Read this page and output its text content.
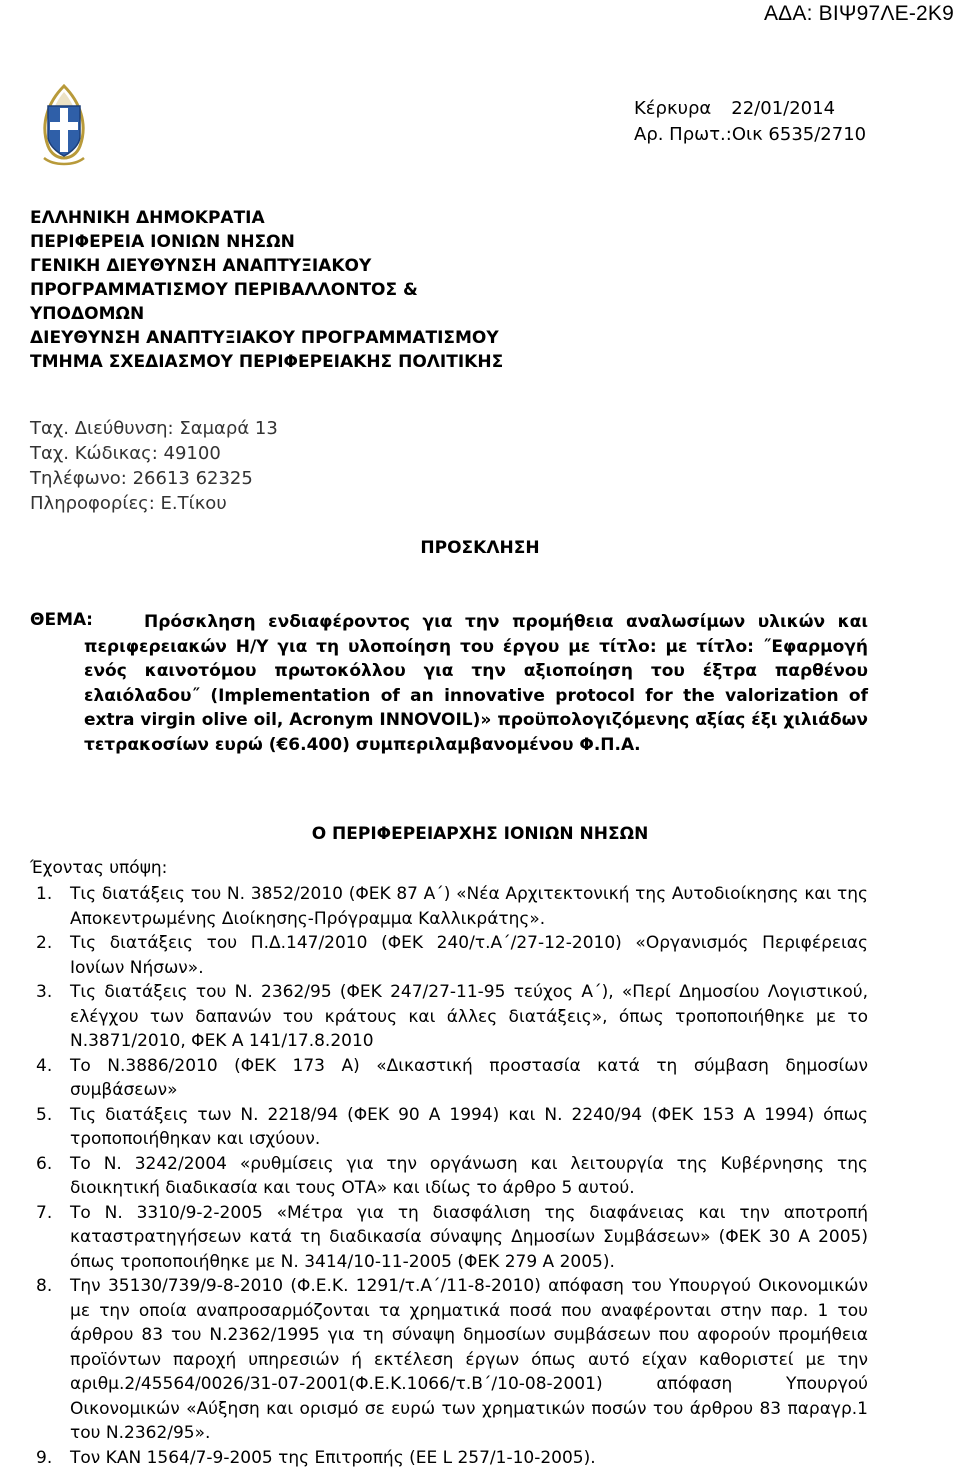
ΑΔΑ: ΒΙΨ97ΛΕ-2Κ9
Κέρκυρα 22/01/2014
Αρ. Πρωτ.:Οικ 6535/2710
ΕΛΛΗΝΙΚΗ ΔΗΜΟΚΡΑΤΙΑ
ΠΕΡΙΦΕΡΕΙΑ ΙΟΝΙΩΝ ΝΗΣΩΝ
ΓΕΝΙΚΗ ΔΙΕΥΘΥΝΣΗ ΑΝΑΠΤΥΞΙΑΚΟΥ
ΠΡΟΓΡΑΜΜΑΤΙΣΜΟΥ ΠΕΡΙΒΑΛΛΟΝΤΟΣ &
ΥΠΟΔΟΜΩΝ
ΔΙΕΥΘΥΝΣΗ ΑΝΑΠΤΥΞΙΑΚΟΥ ΠΡΟΓΡΑΜΜΑΤΙΣΜΟΥ
ΤΜΗΜΑ ΣΧΕΔΙΑΣΜΟΥ ΠΕΡΙΦΕΡΕΙΑΚΗΣ ΠΟΛΙΤΙΚΗΣ
Ταχ. Διεύθυνση: Σαμαρά 13
Ταχ. Κώδικας: 49100
Τηλέφωνο: 26613 62325
Πληροφορίες: Ε.Τίκου
ΠΡΟΣΚΛΗΣΗ
ΘΕΜΑ:	Πρόσκληση ενδιαφέροντος για την προμήθεια αναλωσίμων υλικών και περιφερειακών Η/Υ για τη υλοποίηση του έργου με τίτλο: με τίτλο: ˝Εφαρμογή ενός καινοτόμου πρωτοκόλλου για την αξιοποίηση του έξτρα παρθένου ελαιόλαδου˝ (Implementation of an innovative protocol for the valorization of extra virgin olive oil, Acronym INNOVOIL)» προϋπολογιζόμενης αξίας έξι χιλιάδων τετρακοσίων ευρώ (€6.400) συμπεριλαμβανομένου Φ.Π.Α.
Ο ΠΕΡΙΦΕΡΕΙΑΡΧΗΣ ΙΟΝΙΩΝ ΝΗΣΩΝ
Έχοντας υπόψη:
1. Τις διατάξεις του Ν. 3852/2010 (ΦΕΚ 87 Α΄) «Νέα Αρχιτεκτονική της Αυτοδιοίκησης και της Αποκεντρωμένης Διοίκησης-Πρόγραμμα Καλλικράτης».
2. Τις διατάξεις του Π.Δ.147/2010 (ΦΕΚ 240/τ.Α΄/27-12-2010) «Οργανισμός Περιφέρειας Ιονίων Νήσων».
3. Τις διατάξεις του Ν. 2362/95 (ΦΕΚ 247/27-11-95 τεύχος Α΄), «Περί Δημοσίου Λογιστικού, ελέγχου των δαπανών του κράτους και άλλες διατάξεις», όπως τροποποιήθηκε με το Ν.3871/2010, ΦΕΚ Α 141/17.8.2010
4. Το Ν.3886/2010 (ΦΕΚ 173 Α) «Δικαστική προστασία κατά τη σύμβαση δημοσίων συμβάσεων»
5. Τις διατάξεις των Ν. 2218/94 (ΦΕΚ 90 Α 1994) και Ν. 2240/94 (ΦΕΚ 153 Α 1994) όπως τροποποιήθηκαν και ισχύουν.
6. Το Ν. 3242/2004 «ρυθμίσεις για την οργάνωση και λειτουργία της Κυβέρνησης της διοικητική διαδικασία και τους ΟΤΑ» και ιδίως το άρθρο 5 αυτού.
7. Το Ν. 3310/9-2-2005 «Μέτρα για τη διασφάλιση της διαφάνειας και την αποτροπή καταστρατηγήσεων κατά τη διαδικασία σύναψης Δημοσίων Συμβάσεων» (ΦΕΚ 30 Α 2005) όπως τροποποιήθηκε με Ν. 3414/10-11-2005 (ΦΕΚ 279 Α 2005).
8. Την 35130/739/9-8-2010 (Φ.Ε.Κ. 1291/τ.Α΄/11-8-2010) απόφαση του Υπουργού Οικονομικών με την οποία αναπροσαρμόζονται τα χρηματικά ποσά που αναφέρονται στην παρ. 1 του άρθρου 83 του Ν.2362/1995 για τη σύναψη δημοσίων συμβάσεων που αφορούν προμήθεια προϊόντων παροχή υπηρεσιών ή εκτέλεση έργων όπως αυτό είχαν καθοριστεί με την αριθμ.2/45564/0026/31-07-2001(Φ.Ε.Κ.1066/τ.Β΄/10-08-2001) απόφαση Υπουργού Οικονομικών «Αύξηση και ορισμό σε ευρώ των χρηματικών ποσών του άρθρου 83 παραγρ.1 του Ν.2362/95».
9. Τον ΚΑΝ 1564/7-9-2005 της Επιτροπής (ΕΕ L 257/1-10-2005).
